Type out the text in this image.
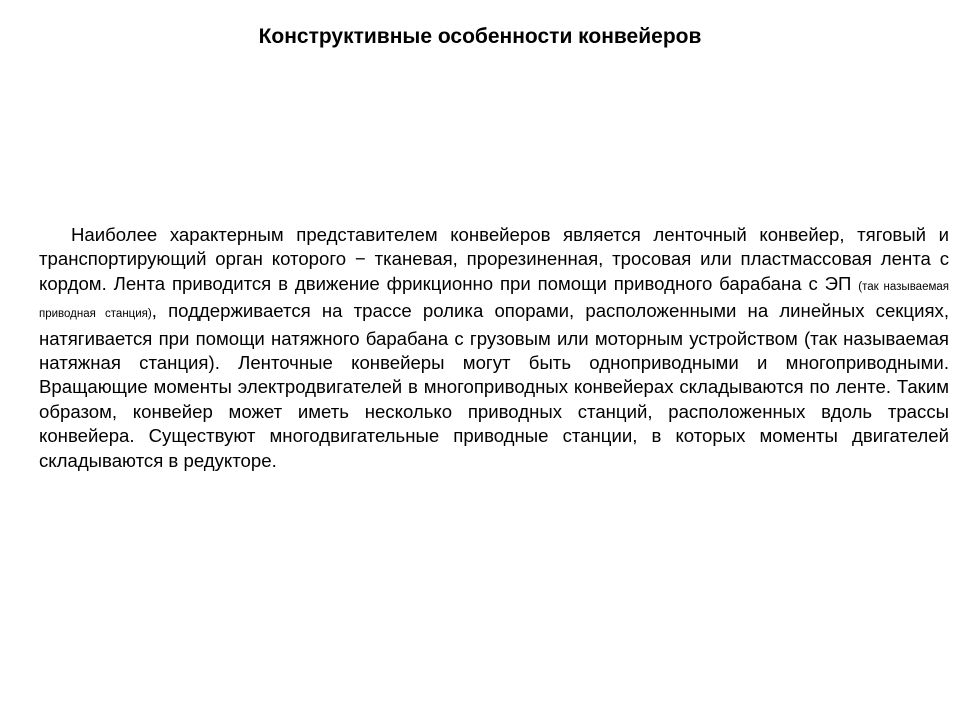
Конструктивные особенности конвейеров

Наиболее характерным представителем конвейеров является ленточный конвейер, тяговый и транспортирующий орган которого − тканевая, прорезиненная, тросовая или пластмассовая лента с кордом. Лента приводится в движение фрикционно при помощи приводного барабана с ЭП (так называемая приводная станция), поддерживается на трассе ролика опорами, расположенными на линейных секциях, натягивается при помощи натяжного барабана с грузовым или моторным устройством (так называемая натяжная станция). Ленточные конвейеры могут быть одноприводными и многоприводными. Вращающие моменты электродвигателей в многоприводных конвейерах складываются по ленте. Таким образом, конвейер может иметь несколько приводных станций, расположенных вдоль трассы конвейера. Существуют многодвигательные приводные станции, в которых моменты двигателей складываются в редукторе.
